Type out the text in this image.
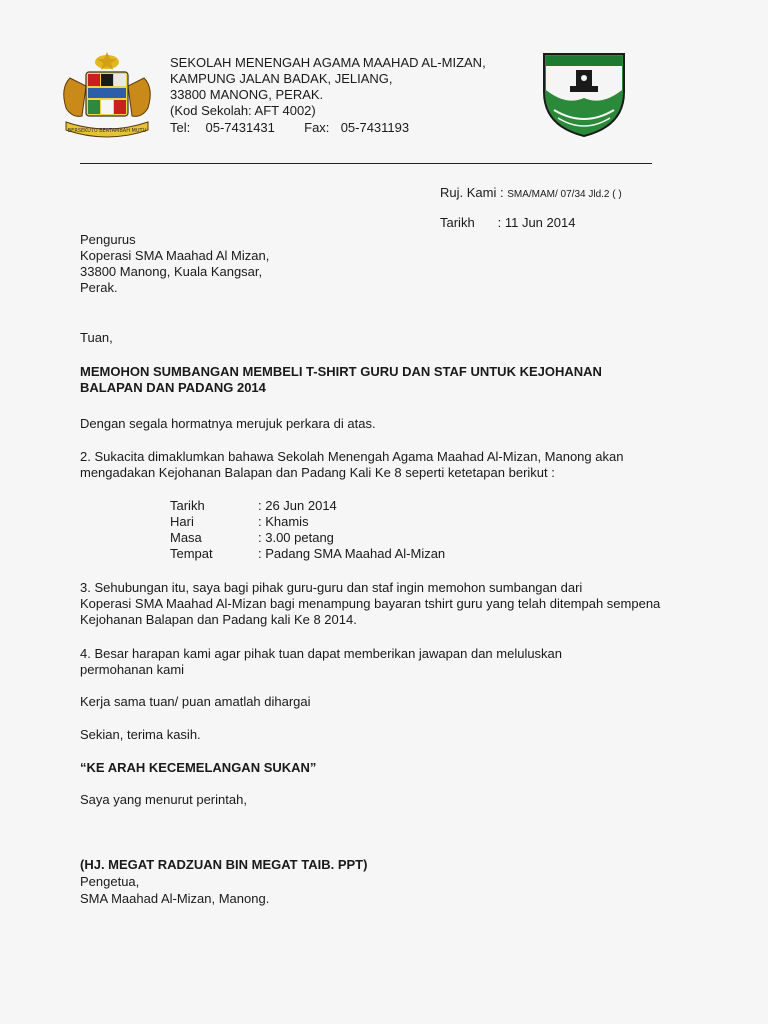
BERSEKUTU BERTAMBAH MUTU
SEKOLAH MENENGAH AGAMA MAAHAD AL-MIZAN,
KAMPUNG JALAN BADAK, JELIANG,
33800 MANONG, PERAK.
(Kod Sekolah: AFT 4002)
Tel: 05-7431431 Fax: 05-7431193
Ruj. Kami : SMA/MAM/ 07/34 Jld.2 ( )
Tarikh : 11 Jun 2014
Pengurus
Koperasi SMA Maahad Al Mizan,
33800 Manong, Kuala Kangsar,
Perak.
Tuan,
MEMOHON SUMBANGAN MEMBELI T-SHIRT GURU DAN STAF UNTUK KEJOHANAN
BALAPAN DAN PADANG 2014
Dengan segala hormatnya merujuk perkara di atas.
2. Sukacita dimaklumkan bahawa Sekolah Menengah Agama Maahad Al-Mizan, Manong akan
mengadakan Kejohanan Balapan dan Padang Kali Ke 8 seperti ketetapan berikut :
Tarikh	: 26 Jun 2014
Hari	: Khamis
Masa	: 3.00 petang
Tempat	: Padang SMA Maahad Al-Mizan
3. Sehubungan itu, saya bagi pihak guru-guru dan staf ingin memohon sumbangan dari
Koperasi SMA Maahad Al-Mizan bagi menampung bayaran tshirt guru yang telah ditempah sempena
Kejohanan Balapan dan Padang kali Ke 8 2014.
4. Besar harapan kami agar pihak tuan dapat memberikan jawapan dan meluluskan
permohanan kami
Kerja sama tuan/ puan amatlah dihargai
Sekian, terima kasih.
“KE ARAH KECEMELANGAN SUKAN”
Saya yang menurut perintah,
(HJ. MEGAT RADZUAN BIN MEGAT TAIB. PPT)
Pengetua,
SMA Maahad Al-Mizan, Manong.
